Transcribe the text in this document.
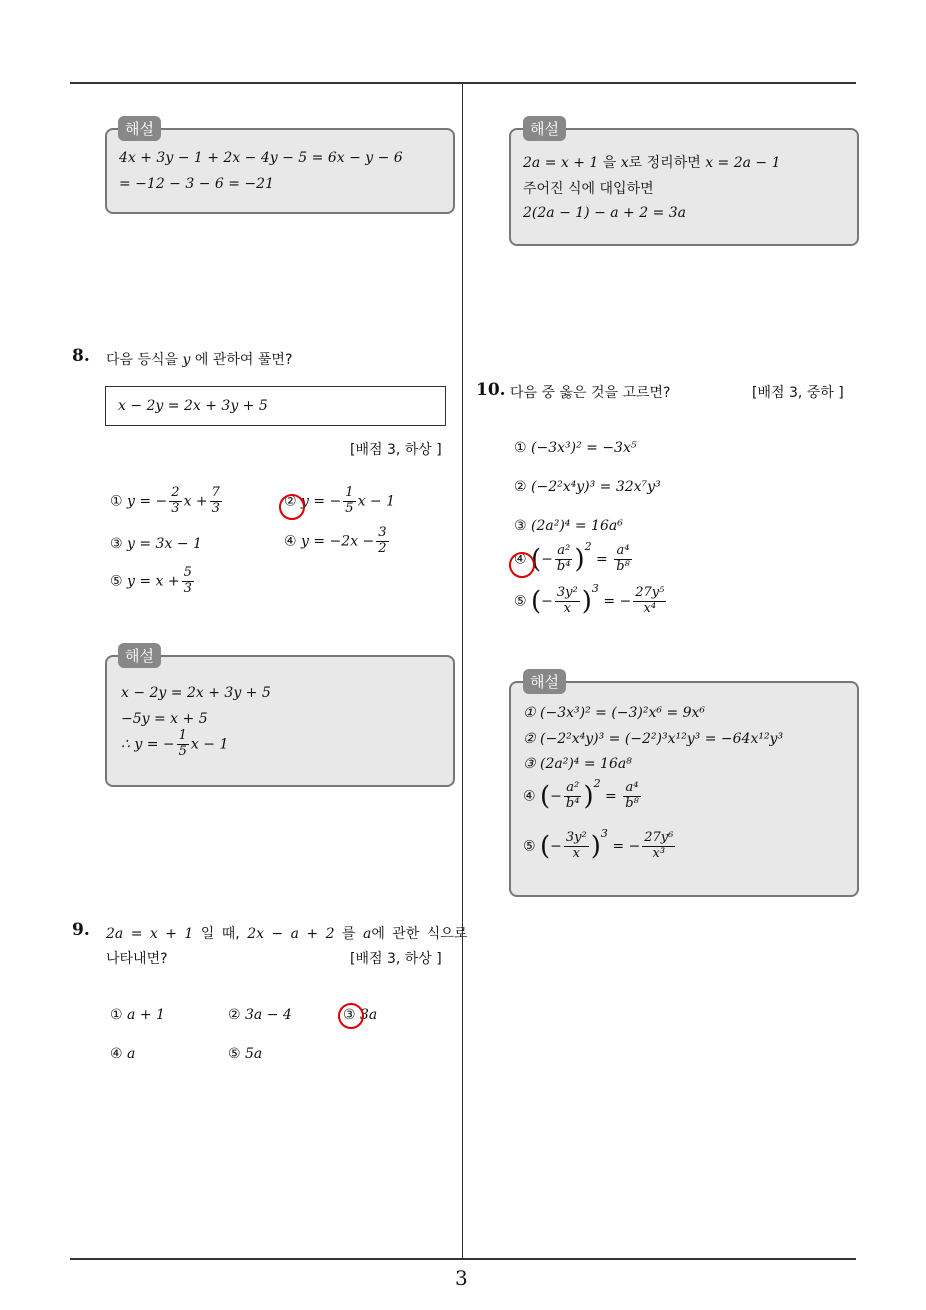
3
4x + 3y − 1 + 2x − 4y − 5 = 6x − y − 6
= −12 − 3 − 6 = −21
해설
8. 다음 등식을 y 에 관하여 풀면?
x − 2y = 2x + 3y + 5
[배점 3, 하상 ]
① y = − $\frac{2}{3}$ $x + \frac{7}{3}$	② y = − $\frac{1}{5}$ x − 1
③ y = 3x − 1	④ $y = -2x - \frac{3}{2}$
⑤ $y = x + \frac{5}{3}$
x − 2y = 2x + 3y + 5
−5y = x + 5
∴ y = − $\frac{1}{5}$ x − 1
해설
9. 2a = x + 1 일 때, 2x − a + 2 를 a에 관한 식으로
나타내면?	[배점 3, 하상 ]
① a + 1	② 3a − 4	③ 3a
④ a	⑤ 5a
2a = x + 1 을 x로 정리하면 x = 2a − 1
주어진 식에 대입하면
2(2a − 1) − a + 2 = 3a
해설
10. 다음 중 옳은 것을 고르면?	[배점 3, 중하 ]
① (−3x³)² = −3x⁵
② (−2²x⁴y)³ = 32x⁷y³
③ (2a²)⁴ = 16a⁶
④ (− $\frac{\text{a²}}{\text{b⁴}} )^2 = \frac{\text{a⁴}}{\text{b⁸}}$
⑤ (− $\frac{\text{3y²}}{x} )^3$ = − $\frac{\text{27y⁵}}{\text{x⁴}}$
① (−3x³)² = (−3)²x⁶ = 9x⁶
② (−2²x⁴y)³ = (−2²)³x¹²y³ = −64x¹²y³
③ (2a²)⁴ = 16a⁸
④ (− $\frac{\text{a²}}{\text{b⁴}} )^2 = \frac{\text{a⁴}}{\text{b⁸}}$
⑤ (− $\frac{\text{3y²}}{x} )^3$ = − $\frac{\text{27y⁶}}{\text{x³}}$
해설
